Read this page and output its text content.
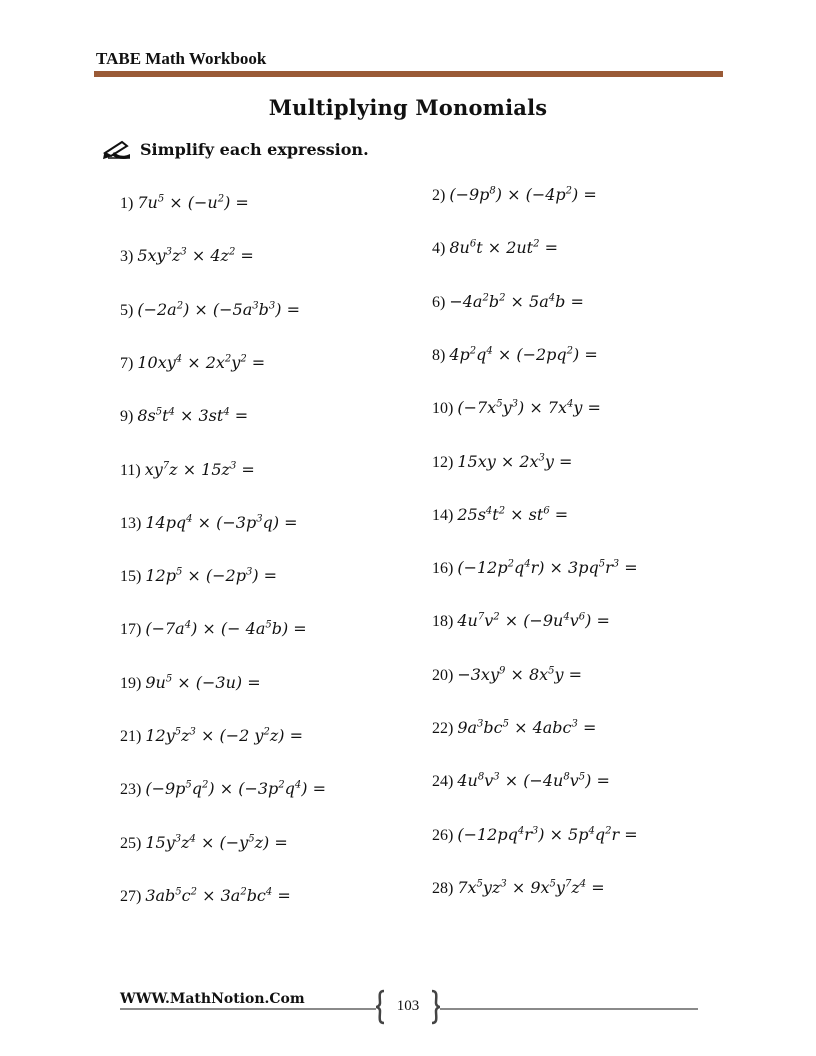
TABE Math Workbook
Multiplying Monomials
Simplify each expression.
1) $7u^5 \times (-u^2)$ =	2) $(-9p^8) \times (-4p^2)$ =
3) $5xy^3z^3 \times 4z^2$ =	4) $8u^6t \times 2ut^2$ =
5) $(-2a^2) \times (-5a^3b^3)$ =	$6) -4a^2b^2 \times 5a^4b$ =
7) $10xy^4 \times 2x^2y^2$ =	8) $4p^2q^4 \times (-2pq^2)$ =
9) $8s^5t^4 \times 3st^4$ =	10) $(-7x^5y^3) \times 7x^4y$ =
11) $xy^7z \times 15z^3$ =	12) $15xy \times 2x^3y$ =
13) $14pq^4 \times (-3p^3q)$ =	14) $25s^4t^2 \times st^6$ =
15) $12p^5 \times (-2p^3)$ =	16) $(-12p^2q^4r) \times 3pq^5r^3$ =
17) $(-7a^4)$ × (− $4a^5b$) =	18) $4u^7v^2 \times (-9u^4v^6)$ =
19) $9u^5 \times (-3u)$ =	$20) -3xy^9 \times 8x^5y$ =
21) $12y^5z^3 \times (-2$ $y^2z$) =	22) $9a^3bc^5 \times 4abc^3$ =
23) $(-9p^5q^2) \times (-3p^2q^4)$ =	24) $4u^8v^3 \times (-4u^8v^5)$ =
25) $15y^3z^4 \times (-y^5z)$ =	26) $(-12pq^4r^3) \times 5p^4q^2r$ =
27) $3ab^5c^2 \times 3a^2bc^4$ =	28) $7x^5yz^3 \times 9x^5y^7z^4$ =
WWW.MathNotion.Com	103
